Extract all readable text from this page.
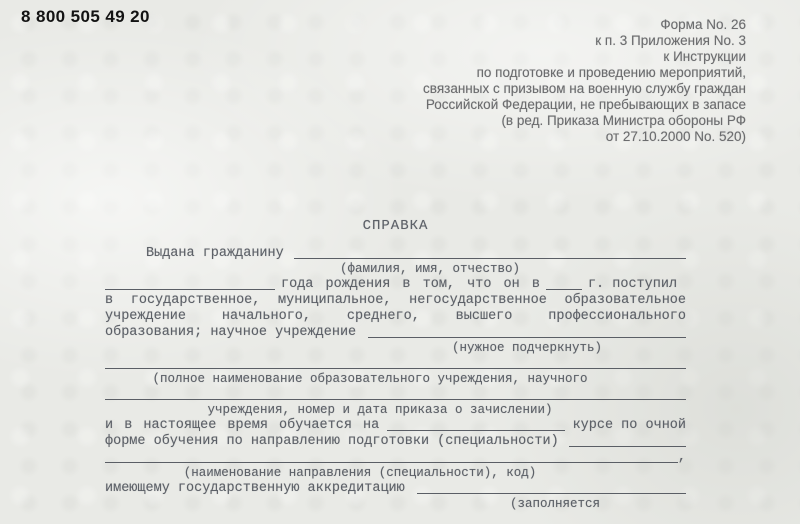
8 800 505 49 20	Форма No. 26
к п. 3 Приложения No. 3
к Инструкции
по подготовке и проведению мероприятий,
связанных с призывом на военную службу граждан
Российской Федерации, не пребывающих в запасе
(в ред. Приказа Министра обороны РФ
от 27.10.2000 No. 520)
СПРАВКА
Выдана гражданину
(фамилия, имя, отчество)
года рождения в том, что он в	г. поступил
в государственное, муниципальное, негосударственное образовательное
учреждение начального, среднего, высшего профессионального
образования; научное учреждение
(нужное подчеркнуть)
(полное наименование образовательного учреждения, научного
учреждения, номер и дата приказа о зачислении)
и в настоящее время обучается на	курсе по очной
форме обучения по направлению подготовки (специальности)
,
(наименование направления (специальности), код)
имеющему государственную аккредитацию
(заполняется
